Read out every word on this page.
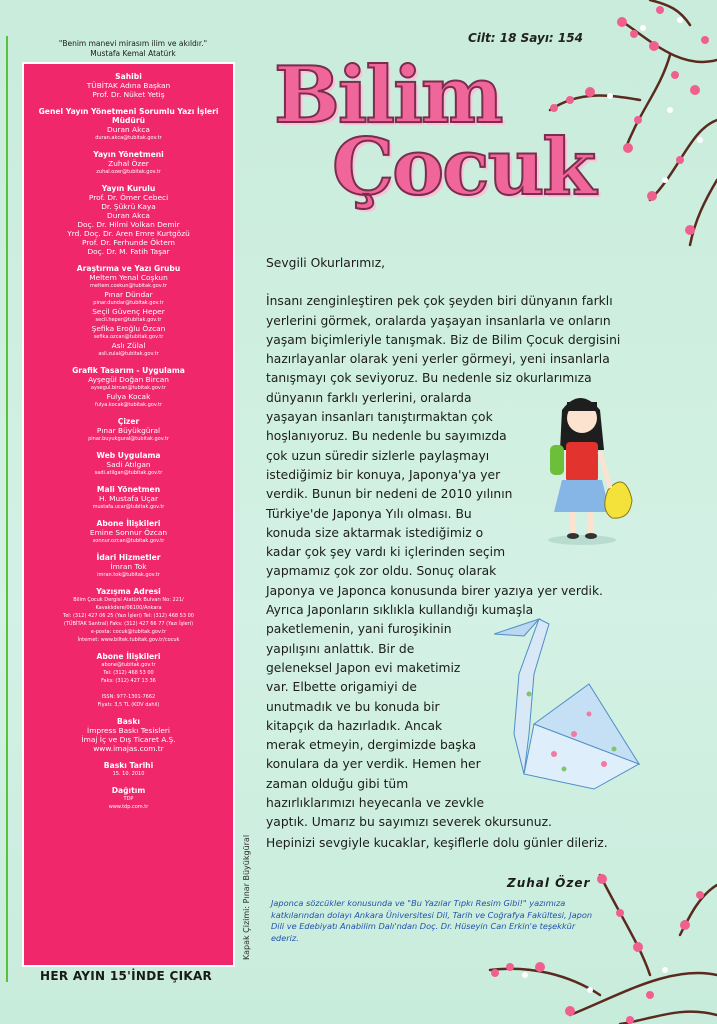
"Benim manevi mirasım ilim ve akıldır."
Mustafa Kemal Atatürk
Sahibi
TÜBİTAK Adına Başkan
Prof. Dr. Nüket Yetiş
Genel Yayın Yönetmeni Sorumlu Yazı İşleri Müdürü
Duran Akca
duran.akca@tubitak.gov.tr
Yayın Yönetmeni
Zuhal Özer
zuhal.ozer@tubitak.gov.tr
Yayın Kurulu
Prof. Dr. Ömer Cebeci
Dr. Şükrü Kaya
Duran Akca
Doç. Dr. Hilmi Volkan Demir
Yrd. Doç. Dr. Aren Emre Kurtgözü
Prof. Dr. Ferhunde Öktem
Doç. Dr. M. Fatih Taşar
Araştırma ve Yazı Grubu
Meltem Yenal Coşkun
meltem.coskun@tubitak.gov.tr
Pınar Dündar
pinar.dundar@tubitak.gov.tr
Seçil Güvenç Heper
secil.heper@tubitak.gov.tr
Şefika Eroğlu Özcan
sefika.ozcan@tubitak.gov.tr
Aslı Zülal
asli.zulal@tubitak.gov.tr
Grafik Tasarım - Uygulama
Ayşegül Doğan Bircan
aysegul.bircan@tubitak.gov.tr
Fulya Kocak
fulya.kocak@tubitak.gov.tr
Çizer
Pınar Büyükgüral
pinar.buyukgural@tubitak.gov.tr
Web Uygulama
Sadi Atılgan
sadi.atilgan@tubitak.gov.tr
Mali Yönetmen
H. Mustafa Uçar
mustafa.ucar@tubitak.gov.tr
Abone İlişkileri
Emine Sonnur Özcan
sonnur.ozcan@tubitak.gov.tr
İdari Hizmetler
İmran Tok
imran.tok@tubitak.gov.tr
Yazışma Adresi
Bilim Çocuk Dergisi Atatürk Bulvarı No: 221/
Kavaklıdere/06100/Ankara
Tel: (312) 427 06 25 (Yazı İşleri) Tel: (312) 468 53 00
(TÜBİTAK Santral) Faks: (312) 427 66 77 (Yazı İşleri)
e-posta: cocuk@tubitak.gov.tr
İnternet: www.biltek.tubitak.gov.tr/cocuk
Abone İlişkileri
abone@tubitak.gov.tr
Tel: (312) 468 53 00
Faks: (312) 427 13 36
ISSN: 977-1301-7662
Fiyatı: 3,5 TL (KDV dahil)
Baskı
İmpress Baskı Tesisleri
İmaj İç ve Dış Ticaret A.Ş.
www.imajas.com.tr
Baskı Tarihi
15. 10. 2010
Dağıtım
TDP
www.tdp.com.tr
HER AYIN 15'İNDE ÇIKAR
Kapak Çizimi: Pınar Büyükgüral
Cilt: 18 Sayı: 154
Bilim
Çocuk
Sevgili Okurlarımız,
İnsanı zenginleştiren pek çok şeyden biri dünyanın farklı
yerlerini görmek, oralarda yaşayan insanlarla ve onların
yaşam biçimleriyle tanışmak. Biz de Bilim Çocuk dergisini
hazırlayanlar olarak yeni yerler görmeyi, yeni insanlarla
tanışmayı çok seviyoruz. Bu nedenle siz okurlarımıza
dünyanın farklı yerlerini, oralarda
yaşayan insanları tanıştırmaktan çok
hoşlanıyoruz. Bu nedenle bu sayımızda
çok uzun süredir sizlerle paylaşmayı
istediğimiz bir konuya, Japonya'ya yer
verdik. Bunun bir nedeni de 2010 yılının
Türkiye'de Japonya Yılı olması. Bu
konuda size aktarmak istediğimiz o
kadar çok şey vardı ki içlerinden seçim
yapmamız çok zor oldu. Sonuç olarak
Japonya ve Japonca konusunda birer yazıya yer verdik.
Ayrıca Japonların sıklıkla kullandığı kumaşla
paketlemenin, yani furoşikinin
yapılışını anlattık. Bir de
geleneksel Japon evi maketimiz
var. Elbette origamiyi de
unutmadık ve bu konuda bir
kitapçık da hazırladık. Ancak
merak etmeyin, dergimizde başka
konulara da yer verdik. Hemen her
zaman olduğu gibi tüm
hazırlıklarımızı heyecanla ve zevkle
yaptık. Umarız bu sayımızı severek okursunuz.
Hepinizi sevgiyle kucaklar, keşiflerle dolu günler dileriz.
Zuhal Özer
Japonca sözcükler konusunda ve "Bu Yazılar Tıpkı Resim Gibi!" yazımıza katkılarından dolayı Ankara Üniversitesi Dil, Tarih ve Coğrafya Fakültesi, Japon Dili ve Edebiyatı Anabilim Dalı'ndan Doç. Dr. Hüseyin Can Erkin'e teşekkür ederiz.
